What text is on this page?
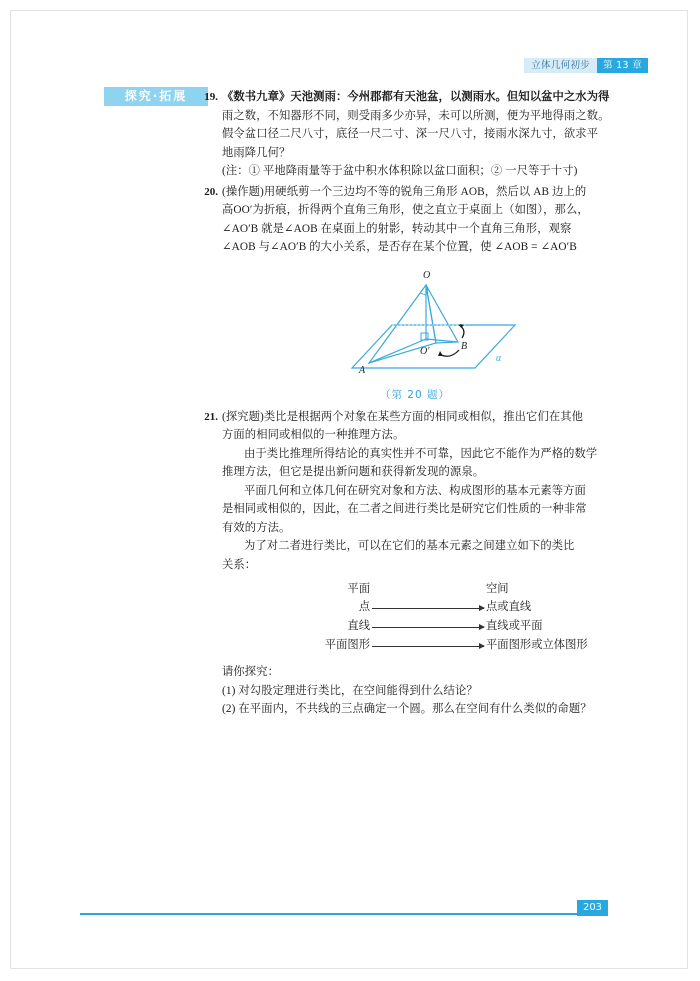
立体几何初步	第 13 章
探究·拓展	19. 《数书九章》天池测雨：今州郡都有天池盆，以测雨水。但知以盆中之水为得
雨之数，不知器形不同，则受雨多少亦异，未可以所测，便为平地得雨之数。
假令盆口径二尺八寸，底径一尺二寸、深一尺八寸，接雨水深九寸，欲求平
地雨降几何？
(注：① 平地降雨量等于盆中积水体积除以盆口面积；② 一尺等于十寸)
20. (操作题)用硬纸剪一个三边均不等的锐角三角形 AOB，然后以 AB 边上的
高OO′为折痕，折得两个直角三角形，使之直立于桌面上（如图），那么，
∠AO′B 就是∠AOB 在桌面上的射影，转动其中一个直角三角形，观察
∠AOB 与∠AO′B 的大小关系，是否存在某个位置，使 ∠AOB = ∠AO′B
O
O′
A
B
α
（第 20 题）
21. (探究题)类比是根据两个对象在某些方面的相同或相似，推出它们在其他
方面的相同或相似的一种推理方法。
由于类比推理所得结论的真实性并不可靠，因此它不能作为严格的数学
推理方法，但它是提出新问题和获得新发现的源泉。
平面几何和立体几何在研究对象和方法、构成图形的基本元素等方面
是相同或相似的，因此，在二者之间进行类比是研究它们性质的一种非常
有效的方法。
为了对二者进行类比，可以在它们的基本元素之间建立如下的类比
关系：
平面	空间
点	点或直线
直线	直线或平面
平面图形	平面图形或立体图形
请你探究：
(1) 对勾股定理进行类比，在空间能得到什么结论？
(2) 在平面内，不共线的三点确定一个圆。那么在空间有什么类似的命题？
203
